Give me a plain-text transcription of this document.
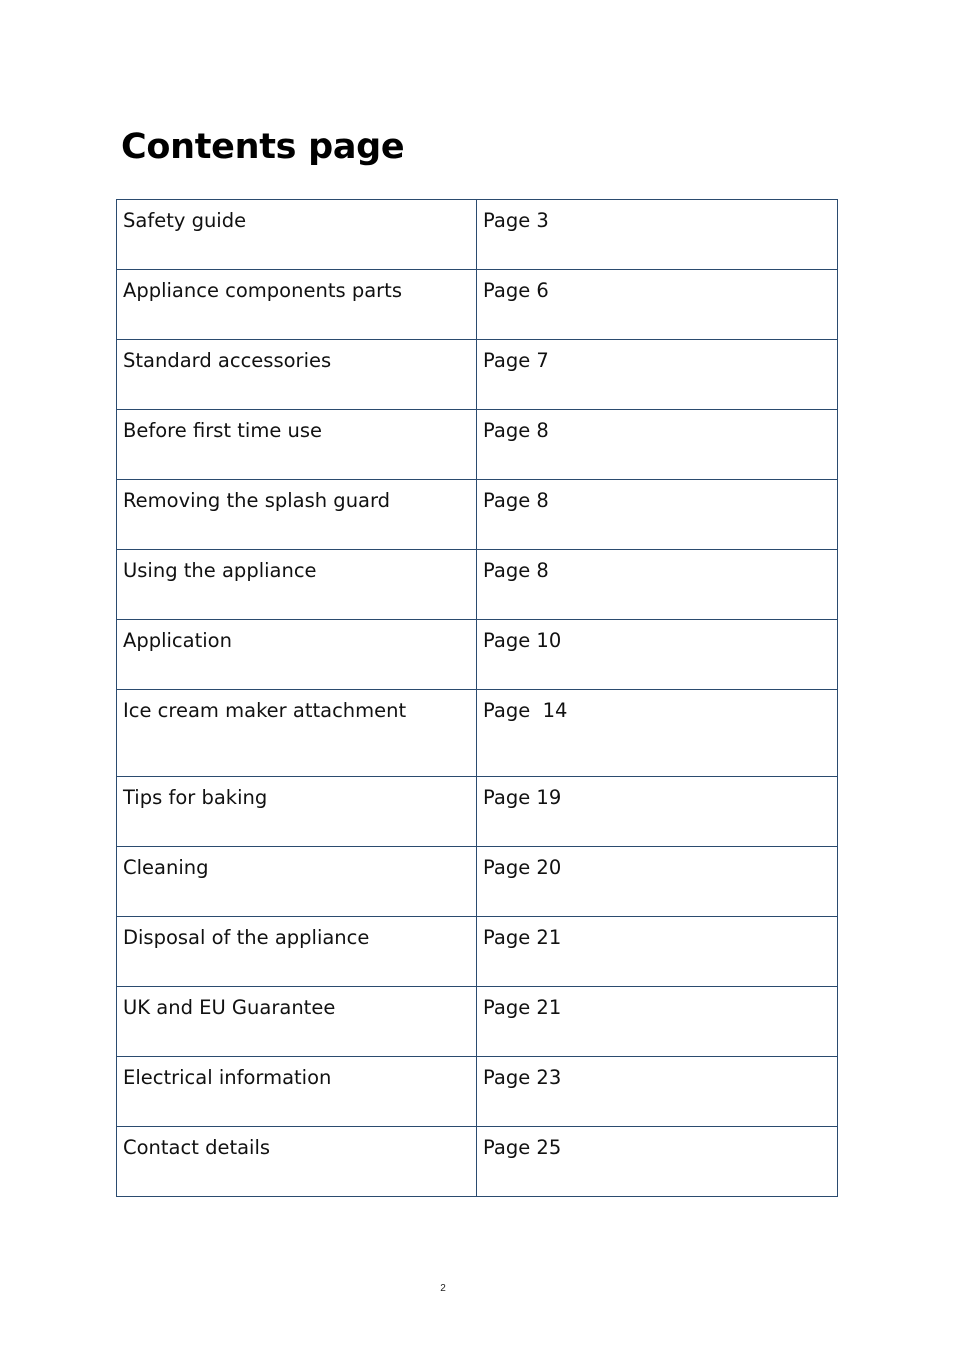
Contents page
Safety guide	Page 3
Appliance components parts	Page 6
Standard accessories	Page 7
Before first time use	Page 8
Removing the splash guard	Page 8
Using the appliance	Page 8
Application	Page 10
Ice cream maker attachment	Page  14
Tips for baking	Page 19
Cleaning	Page 20
Disposal of the appliance	Page 21
UK and EU Guarantee	Page 21
Electrical information	Page 23
Contact details	Page 25
2
